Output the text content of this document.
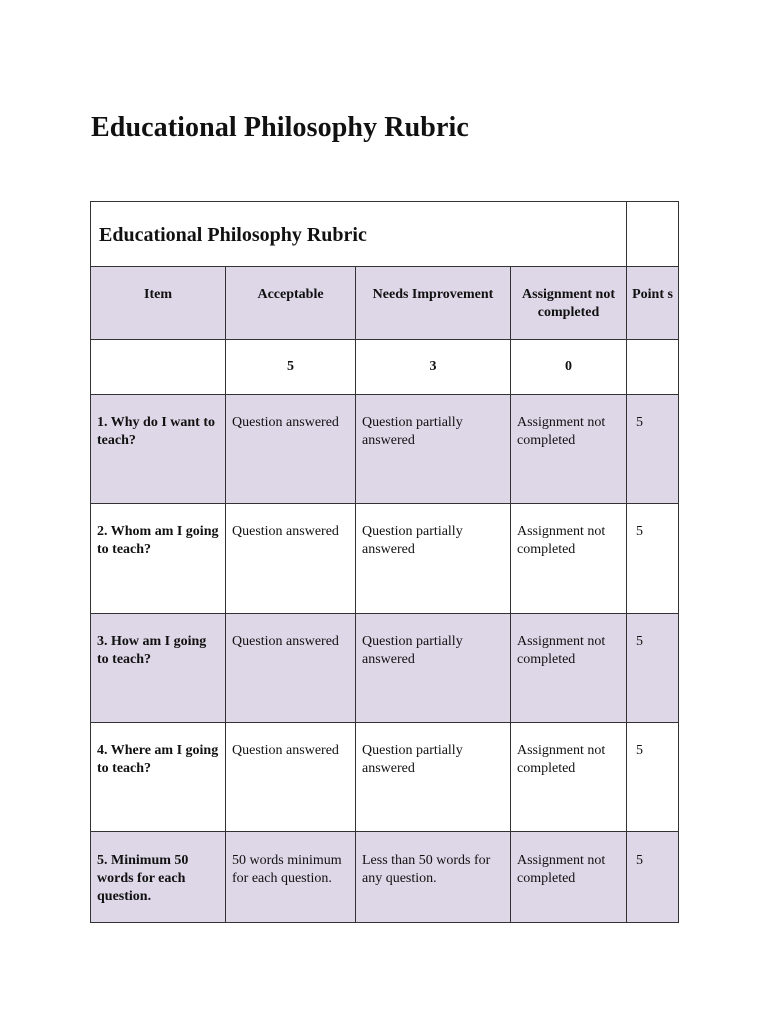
Educational Philosophy Rubric
Educational Philosophy Rubric				

Item	Acceptable	Needs Improvement	Assignment not completed	Point s

	5	3	0	

1. Why do I want to teach?	Question answered	Question partially answered	Assignment not completed	5

2. Whom am I going to teach?	Question answered	Question partially answered	Assignment not completed	5

3. How am I going to teach?	Question answered	Question partially answered	Assignment not completed	5

4. Where am I going to teach?	Question answered	Question partially answered	Assignment not completed	5

5. Minimum 50 words for each question.	50 words minimum for each question.	Less than 50 words for any question.	Assignment not completed	5
